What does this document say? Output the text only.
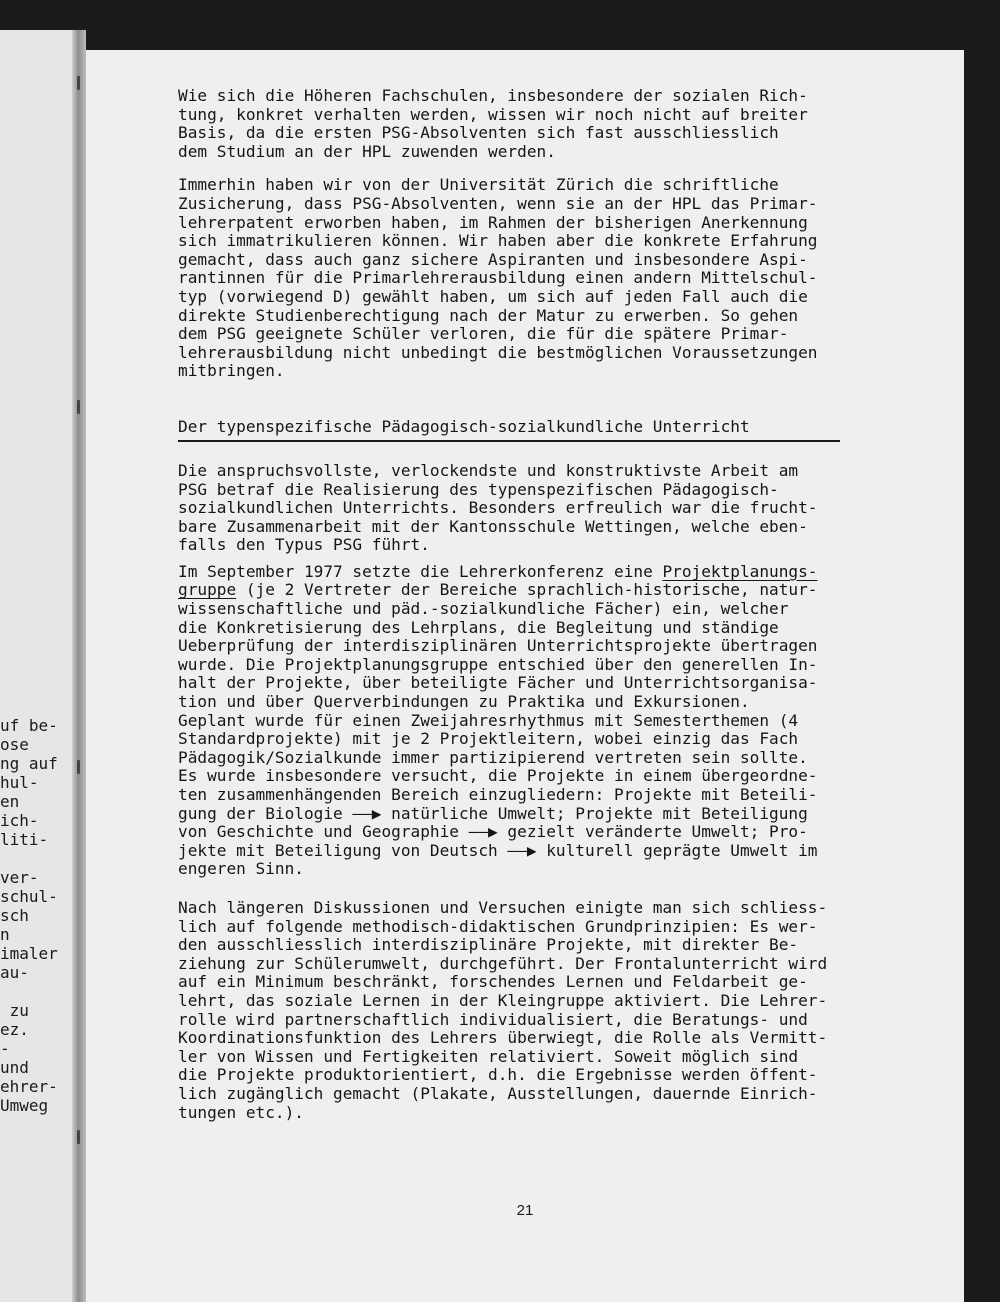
uf be-
ose
ng auf
hul-
en
ich-
liti-
ver-
schul-
sch
n
imaler
au-
zu
ez.
-
und
ehrer-
Umweg
Wie sich die Höheren Fachschulen, insbesondere der sozialen Rich-
tung, konkret verhalten werden, wissen wir noch nicht auf breiter
Basis, da die ersten PSG-Absolventen sich fast ausschliesslich
dem Studium an der HPL zuwenden werden.
Immerhin haben wir von der Universität Zürich die schriftliche
Zusicherung, dass PSG-Absolventen, wenn sie an der HPL das Primar-
lehrerpatent erworben haben, im Rahmen der bisherigen Anerkennung
sich immatrikulieren können. Wir haben aber die konkrete Erfahrung
gemacht, dass auch ganz sichere Aspiranten und insbesondere Aspi-
rantinnen für die Primarlehrerausbildung einen andern Mittelschul-
typ (vorwiegend D) gewählt haben, um sich auf jeden Fall auch die
direkte Studienberechtigung nach der Matur zu erwerben. So gehen
dem PSG geeignete Schüler verloren, die für die spätere Primar-
lehrerausbildung nicht unbedingt die bestmöglichen Voraussetzungen
mitbringen.
Der typenspezifische Pädagogisch-sozialkundliche Unterricht
Die anspruchsvollste, verlockendste und konstruktivste Arbeit am
PSG betraf die Realisierung des typenspezifischen Pädagogisch-
sozialkundlichen Unterrichts. Besonders erfreulich war die frucht-
bare Zusammenarbeit mit der Kantonsschule Wettingen, welche eben-
falls den Typus PSG führt.
Im September 1977 setzte die Lehrerkonferenz eine Projektplanungs-
gruppe (je 2 Vertreter der Bereiche sprachlich-historische, natur-
wissenschaftliche und päd.-sozialkundliche Fächer) ein, welcher
die Konkretisierung des Lehrplans, die Begleitung und ständige
Ueberprüfung der interdisziplinären Unterrichtsprojekte übertragen
wurde. Die Projektplanungsgruppe entschied über den generellen In-
halt der Projekte, über beteiligte Fächer und Unterrichtsorganisa-
tion und über Querverbindungen zu Praktika und Exkursionen.
Geplant wurde für einen Zweijahresrhythmus mit Semesterthemen (4
Standardprojekte) mit je 2 Projektleitern, wobei einzig das Fach
Pädagogik/Sozialkunde immer partizipierend vertreten sein sollte.
Es wurde insbesondere versucht, die Projekte in einem übergeordne-
ten zusammenhängenden Bereich einzugliedern: Projekte mit Beteili-
gung der Biologie ——▶ natürliche Umwelt; Projekte mit Beteiligung
von Geschichte und Geographie ——▶ gezielt veränderte Umwelt; Pro-
jekte mit Beteiligung von Deutsch ——▶ kulturell geprägte Umwelt im
engeren Sinn.
Nach längeren Diskussionen und Versuchen einigte man sich schliess-
lich auf folgende methodisch-didaktischen Grundprinzipien: Es wer-
den ausschliesslich interdisziplinäre Projekte, mit direkter Be-
ziehung zur Schülerumwelt, durchgeführt. Der Frontalunterricht wird
auf ein Minimum beschränkt, forschendes Lernen und Feldarbeit ge-
lehrt, das soziale Lernen in der Kleingruppe aktiviert. Die Lehrer-
rolle wird partnerschaftlich individualisiert, die Beratungs- und
Koordinationsfunktion des Lehrers überwiegt, die Rolle als Vermitt-
ler von Wissen und Fertigkeiten relativiert. Soweit möglich sind
die Projekte produktorientiert, d.h. die Ergebnisse werden öffent-
lich zugänglich gemacht (Plakate, Ausstellungen, dauernde Einrich-
tungen etc.).
21
